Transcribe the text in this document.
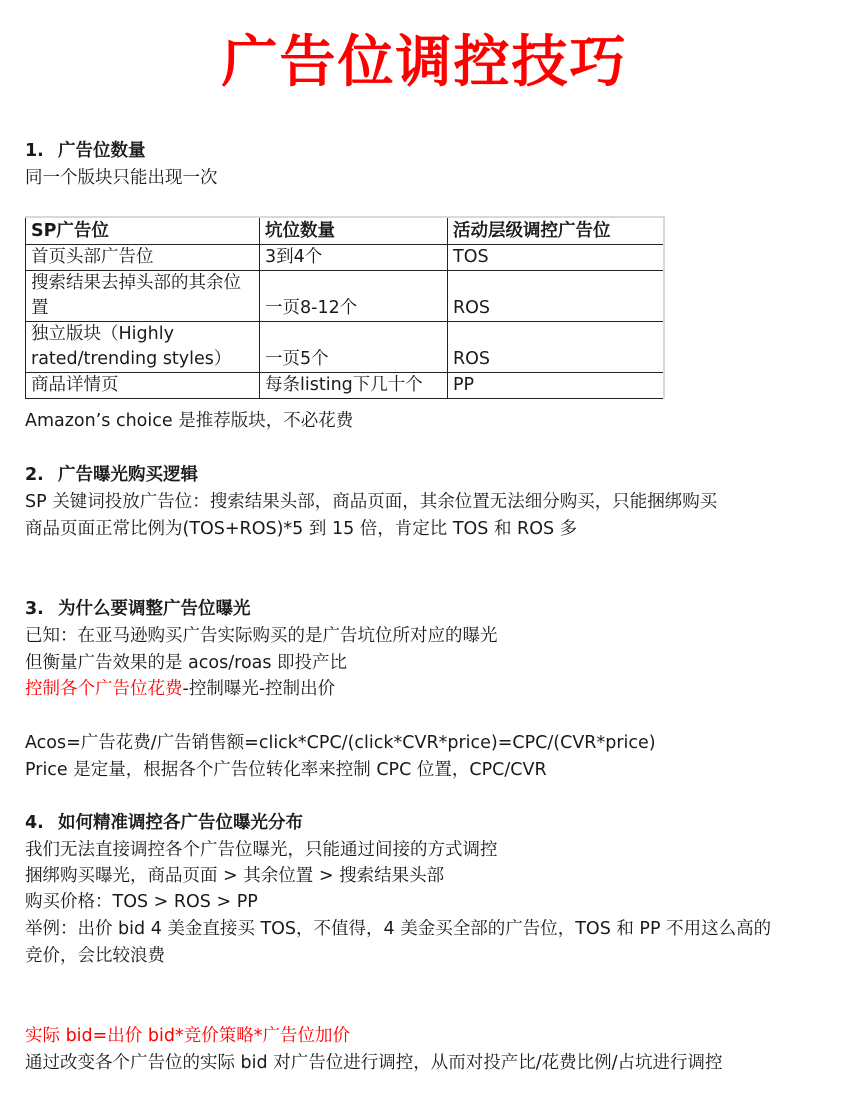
广告位调控技巧
1. 广告位数量
同一个版块只能出现一次
SP广告位	坑位数量	活动层级调控广告位
首页头部广告位	3到4个	TOS
搜索结果去掉头部的其余位置	一页8-12个	ROS
独立版块（Highly rated/trending styles）	一页5个	ROS
商品详情页	每条listing下几十个	PP
Amazon’s choice 是推荐版块，不必花费
2. 广告曝光购买逻辑
SP 关键词投放广告位：搜索结果头部，商品页面，其余位置无法细分购买，只能捆绑购买
商品页面正常比例为(TOS+ROS)*5 到 15 倍，肯定比 TOS 和 ROS 多
3. 为什么要调整广告位曝光
已知：在亚马逊购买广告实际购买的是广告坑位所对应的曝光
但衡量广告效果的是 acos/roas 即投产比
控制各个广告位花费-控制曝光-控制出价
Acos=广告花费/广告销售额=click*CPC/(click*CVR*price)=CPC/(CVR*price)
Price 是定量，根据各个广告位转化率来控制 CPC 位置，CPC/CVR
4. 如何精准调控各广告位曝光分布
我们无法直接调控各个广告位曝光，只能通过间接的方式调控
捆绑购买曝光，商品页面 > 其余位置 > 搜索结果头部
购买价格：TOS > ROS > PP
举例：出价 bid 4 美金直接买 TOS，不值得，4 美金买全部的广告位，TOS 和 PP 不用这么高的
竞价，会比较浪费
实际 bid=出价 bid*竞价策略*广告位加价
通过改变各个广告位的实际 bid 对广告位进行调控，从而对投产比/花费比例/占坑进行调控
